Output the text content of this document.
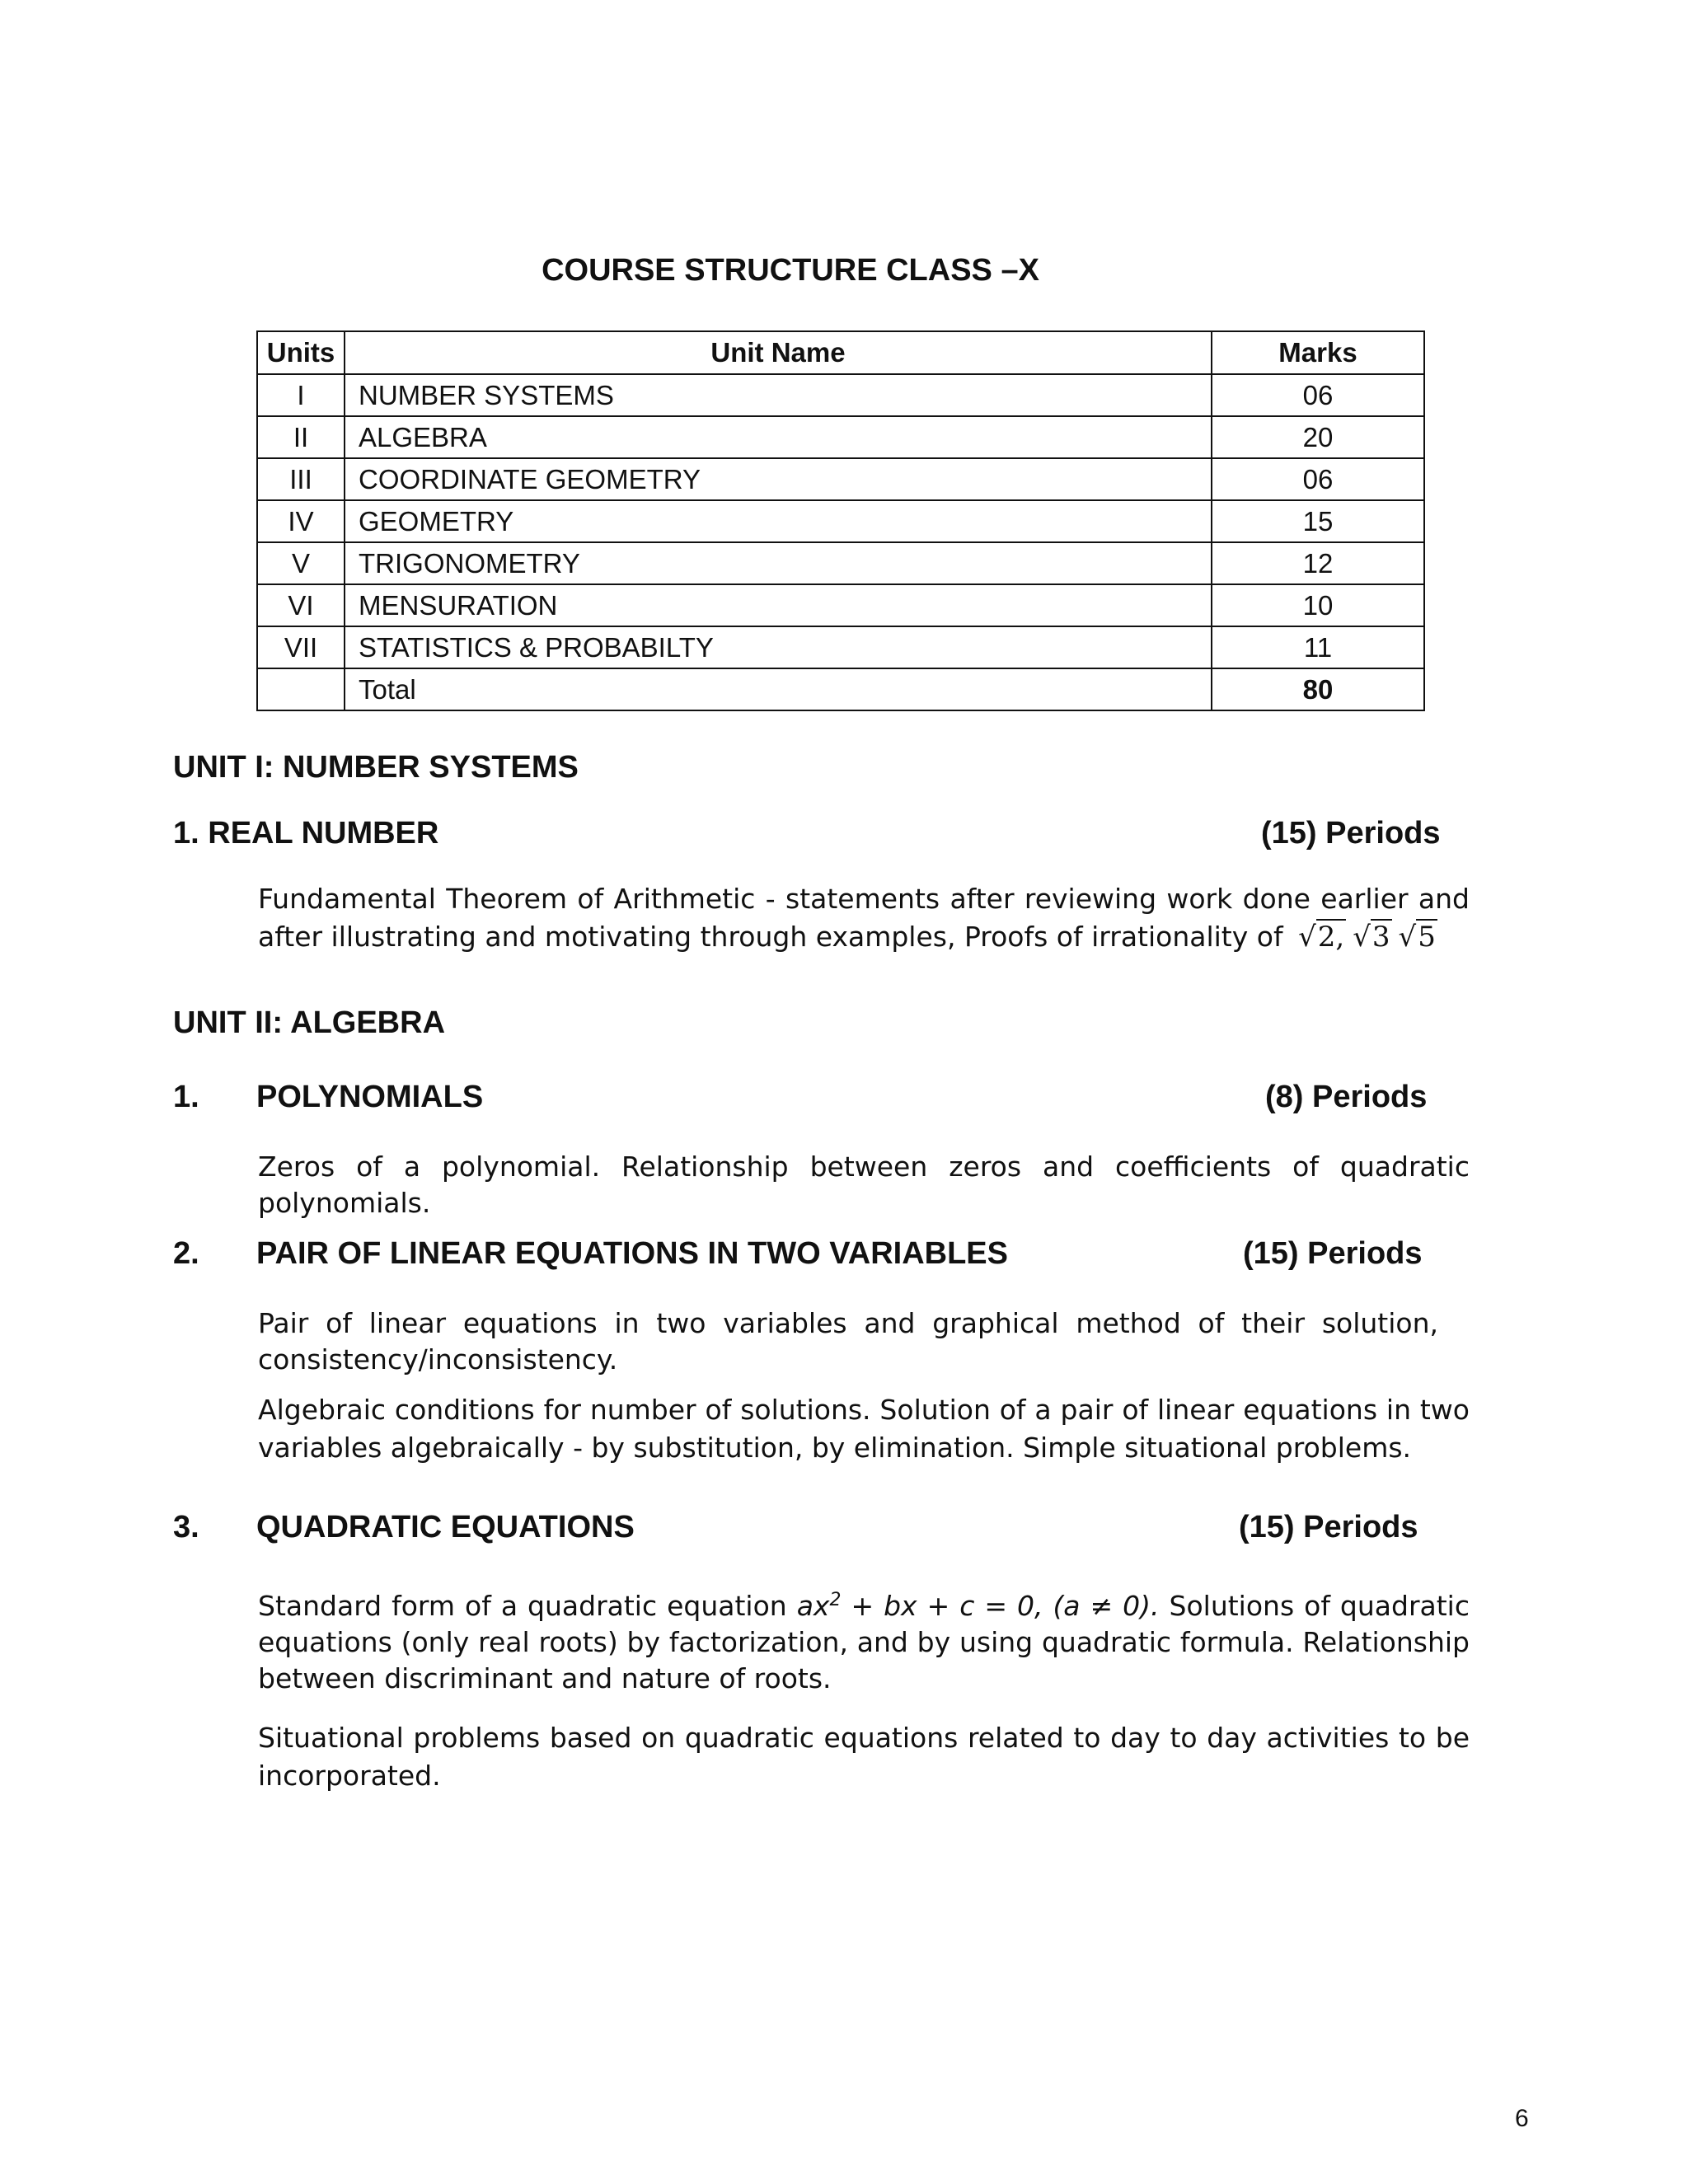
COURSE STRUCTURE CLASS –X
Units	Unit Name	Marks
I	NUMBER SYSTEMS	06
II	ALGEBRA	20
III	COORDINATE GEOMETRY	06
IV	GEOMETRY	15
V	TRIGONOMETRY	12
VI	MENSURATION	10
VII	STATISTICS & PROBABILTY	11
	Total	80
UNIT I: NUMBER SYSTEMS
1. REAL NUMBER	(15) Periods
Fundamental Theorem of Arithmetic - statements after reviewing work done earlier and after illustrating and motivating through examples, Proofs of irrationality of √2, √3 √5
UNIT II: ALGEBRA
1. POLYNOMIALS	(8) Periods
Zeros of a polynomial. Relationship between zeros and coefficients of quadratic polynomials.
2. PAIR OF LINEAR EQUATIONS IN TWO VARIABLES	(15) Periods
Pair of linear equations in two variables and graphical method of their solution, consistency/inconsistency.
Algebraic conditions for number of solutions. Solution of a pair of linear equations in two variables algebraically - by substitution, by elimination. Simple situational problems.
3. QUADRATIC EQUATIONS	(15) Periods
Standard form of a quadratic equation $ax^2$ + bx + c = 0, (a ≠ 0). Solutions of quadratic equations (only real roots) by factorization, and by using quadratic formula. Relationship between discriminant and nature of roots.
Situational problems based on quadratic equations related to day to day activities to be incorporated.
6
